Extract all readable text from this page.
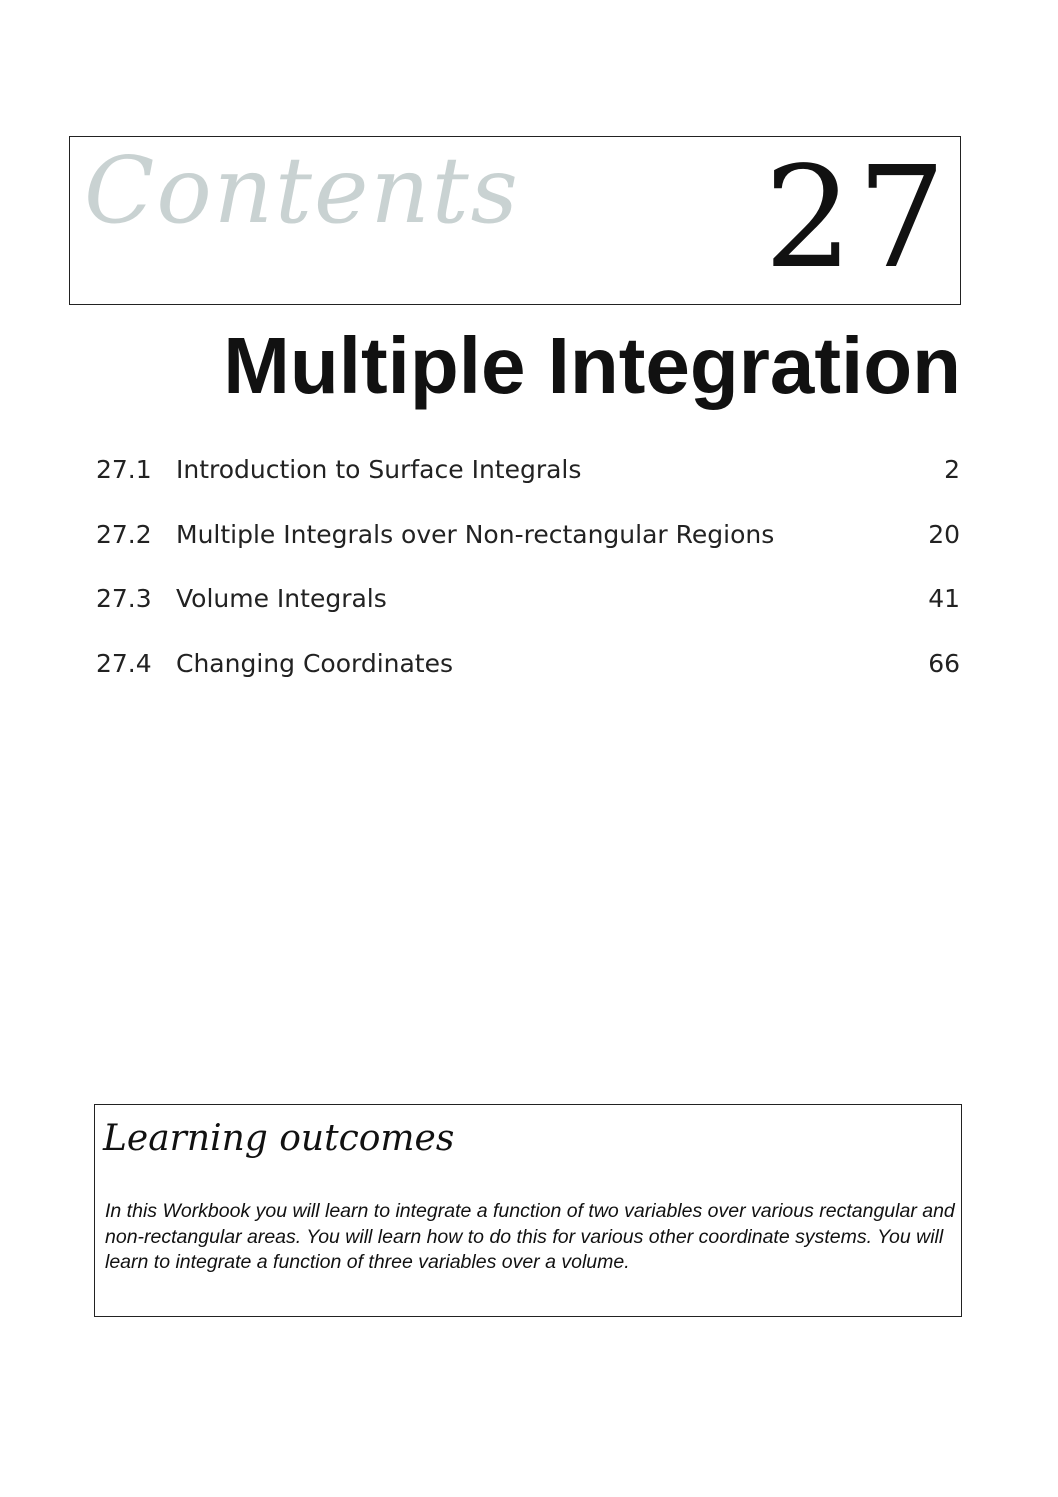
Contents 27
Multiple Integration
27.1 Introduction to Surface Integrals	2
27.2 Multiple Integrals over Non-rectangular Regions	20
27.3 Volume Integrals	41
27.4 Changing Coordinates	66
Learning outcomes
In this Workbook you will learn to integrate a function of two variables over various rectangular and non-rectangular areas. You will learn how to do this for various other coordinate systems. You will learn to integrate a function of three variables over a volume.
